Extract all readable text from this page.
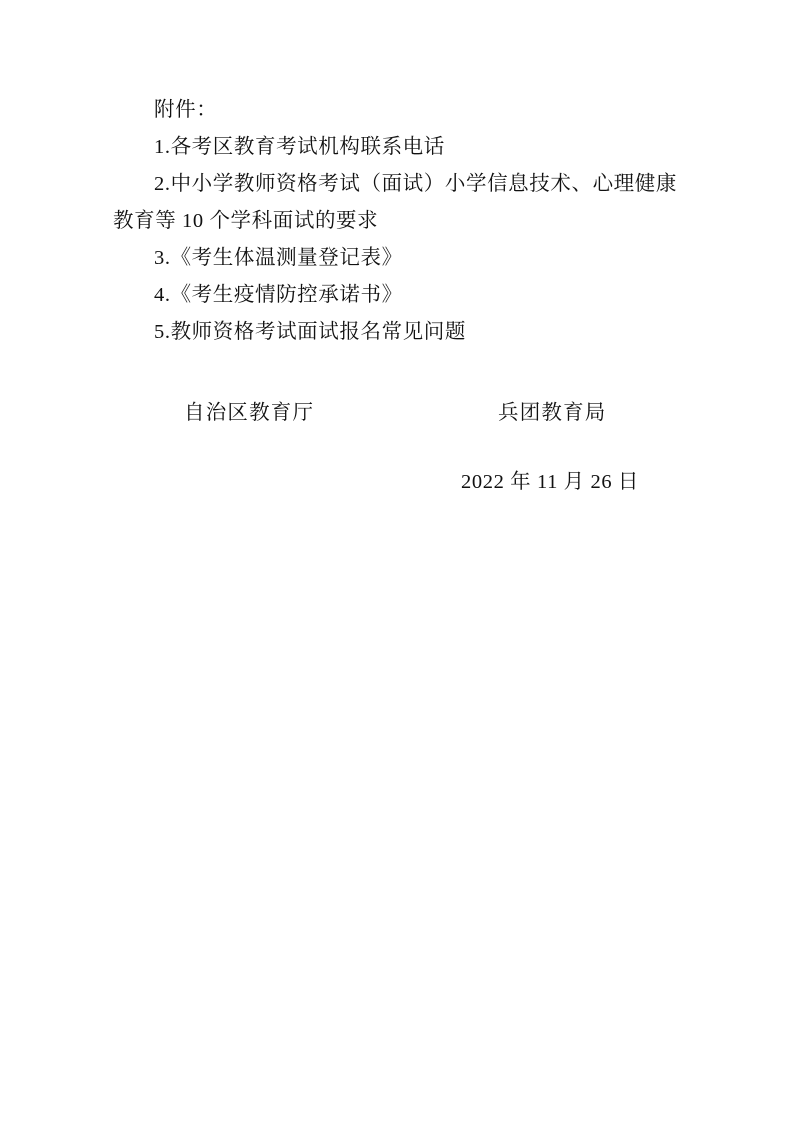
附件：
1.各考区教育考试机构联系电话
2.中小学教师资格考试（面试）小学信息技术、心理健康教育等 10 个学科面试的要求
3.《考生体温测量登记表》
4.《考生疫情防控承诺书》
5.教师资格考试面试报名常见问题
自治区教育厅	兵团教育局
2022 年 11 月 26 日
